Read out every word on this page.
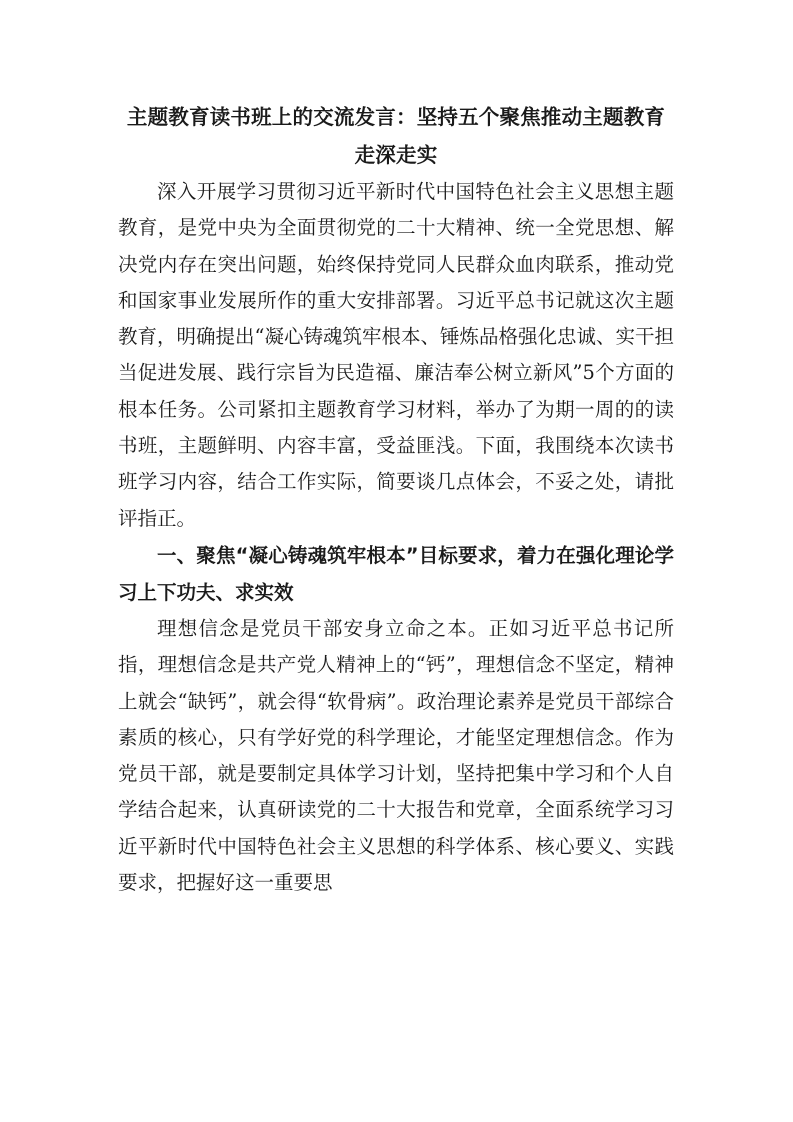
主题教育读书班上的交流发言：坚持五个聚焦推动主题教育
走深走实

深入开展学习贯彻习近平新时代中国特色社会主义思想主题教育，是党中央为全面贯彻党的二十大精神、统一全党思想、解决党内存在突出问题，始终保持党同人民群众血肉联系，推动党和国家事业发展所作的重大安排部署。习近平总书记就这次主题教育，明确提出“凝心铸魂筑牢根本、锤炼品格强化忠诚、实干担当促进发展、践行宗旨为民造福、廉洁奉公树立新风”5个方面的根本任务。公司紧扣主题教育学习材料，举办了为期一周的的读书班，主题鲜明、内容丰富，受益匪浅。下面，我围绕本次读书班学习内容，结合工作实际，简要谈几点体会，不妥之处，请批评指正。

一、聚焦“凝心铸魂筑牢根本”目标要求，着力在强化理论学习上下功夫、求实效

理想信念是党员干部安身立命之本。正如习近平总书记所指，理想信念是共产党人精神上的“钙”，理想信念不坚定，精神上就会“缺钙”，就会得“软骨病”。政治理论素养是党员干部综合素质的核心，只有学好党的科学理论，才能坚定理想信念。作为党员干部，就是要制定具体学习计划，坚持把集中学习和个人自学结合起来，认真研读党的二十大报告和党章，全面系统学习习近平新时代中国特色社会主义思想的科学体系、核心要义、实践要求，把握好这一重要思
